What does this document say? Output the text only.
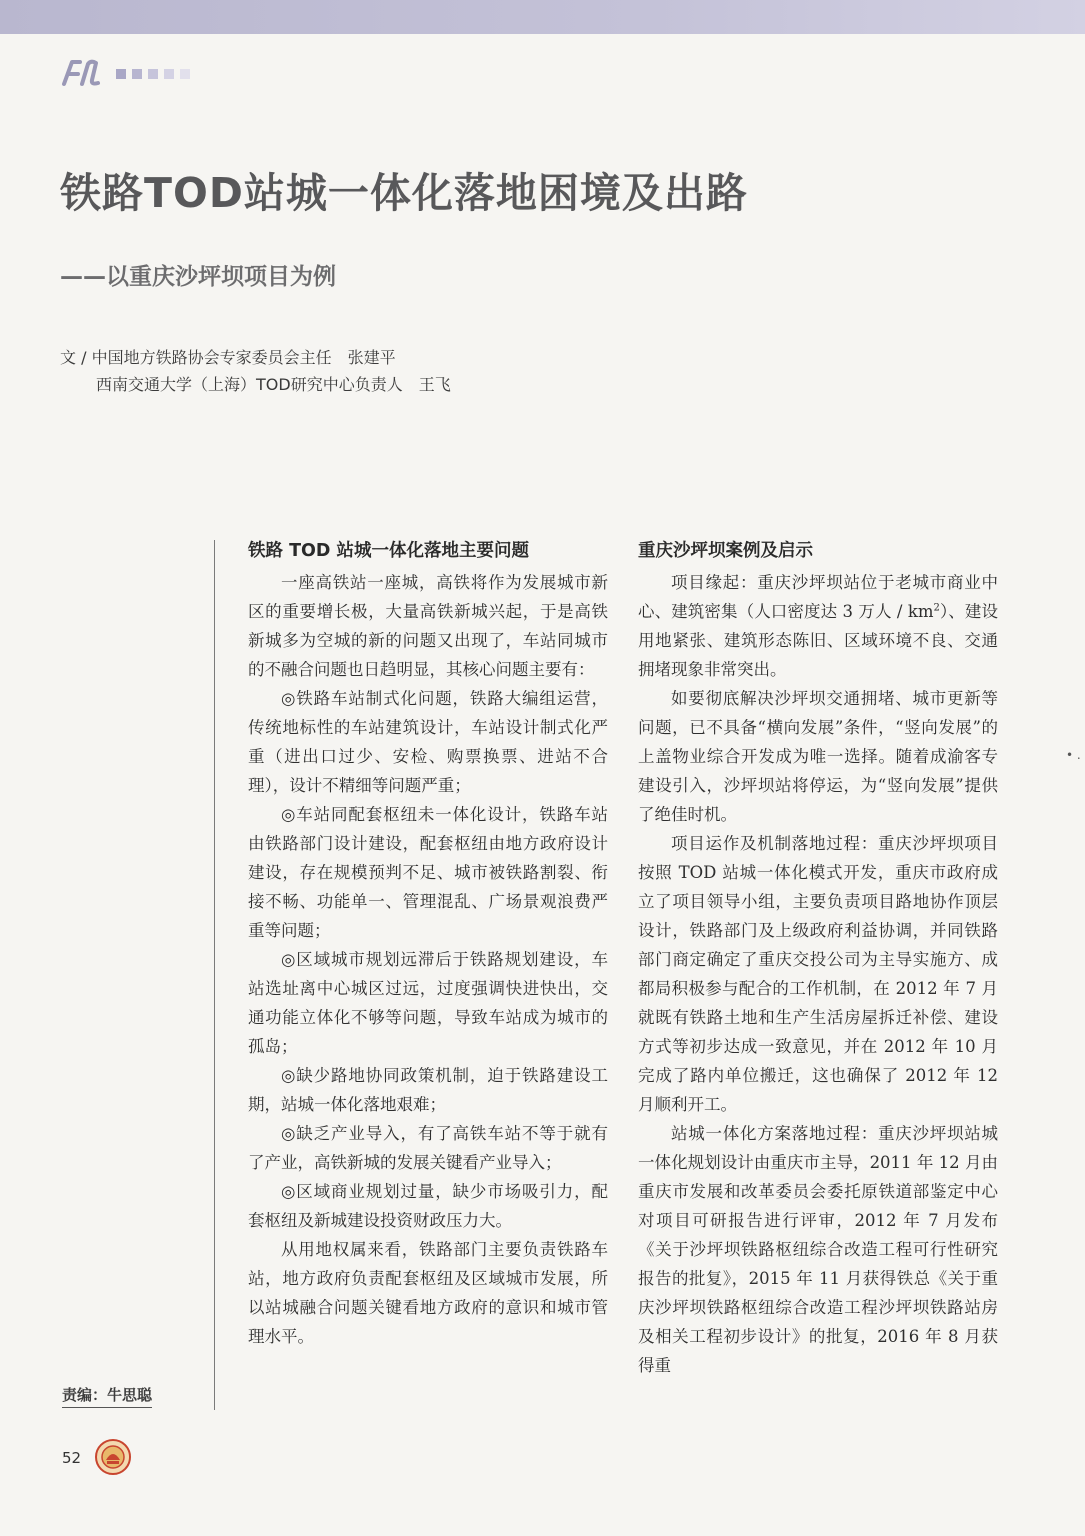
铁路TOD站城一体化落地困境及出路
——以重庆沙坪坝项目为例
文 / 中国地方铁路协会专家委员会主任　张建平
西南交通大学（上海）TOD研究中心负责人　王飞
铁路 TOD 站城一体化落地主要问题

一座高铁站一座城，高铁将作为发展城市新区的重要增长极，大量高铁新城兴起，于是高铁新城多为空城的新的问题又出现了，车站同城市的不融合问题也日趋明显，其核心问题主要有：

◎铁路车站制式化问题，铁路大编组运营，传统地标性的车站建筑设计，车站设计制式化严重（进出口过少、安检、购票换票、进站不合理），设计不精细等问题严重；

◎车站同配套枢纽未一体化设计，铁路车站由铁路部门设计建设，配套枢纽由地方政府设计建设，存在规模预判不足、城市被铁路割裂、衔接不畅、功能单一、管理混乱、广场景观浪费严重等问题；

◎区域城市规划远滞后于铁路规划建设，车站选址离中心城区过远，过度强调快进快出，交通功能立体化不够等问题，导致车站成为城市的孤岛；

◎缺少路地协同政策机制，迫于铁路建设工期，站城一体化落地艰难；

◎缺乏产业导入，有了高铁车站不等于就有了产业，高铁新城的发展关键看产业导入；

◎区域商业规划过量，缺少市场吸引力，配套枢纽及新城建设投资财政压力大。

从用地权属来看，铁路部门主要负责铁路车站，地方政府负责配套枢纽及区域城市发展，所以站城融合问题关键看地方政府的意识和城市管理水平。

重庆沙坪坝案例及启示

项目缘起：重庆沙坪坝站位于老城市商业中心、建筑密集（人口密度达 3 万人 / $km^2$）、建设用地紧张、建筑形态陈旧、区域环境不良、交通拥堵现象非常突出。

如要彻底解决沙坪坝交通拥堵、城市更新等问题，已不具备“横向发展”条件，“竖向发展”的上盖物业综合开发成为唯一选择。随着成渝客专建设引入，沙坪坝站将停运，为“竖向发展”提供了绝佳时机。

项目运作及机制落地过程：重庆沙坪坝项目按照 TOD 站城一体化模式开发，重庆市政府成立了项目领导小组，主要负责项目路地协作顶层设计，铁路部门及上级政府利益协调，并同铁路部门商定确定了重庆交投公司为主导实施方、成都局积极参与配合的工作机制，在 2012 年 7 月就既有铁路土地和生产生活房屋拆迁补偿、建设方式等初步达成一致意见，并在 2012 年 10 月完成了路内单位搬迁，这也确保了 2012 年 12 月顺利开工。

站城一体化方案落地过程：重庆沙坪坝站城一体化规划设计由重庆市主导，2011 年 12 月由重庆市发展和改革委员会委托原铁道部鉴定中心对项目可研报告进行评审，2012 年 7 月发布《关于沙坪坝铁路枢纽综合改造工程可行性研究报告的批复》，2015 年 11 月获得铁总《关于重庆沙坪坝铁路枢纽综合改造工程沙坪坝铁路站房及相关工程初步设计》的批复，2016 年 8 月获得重

责编：牛思聪
52
• .
